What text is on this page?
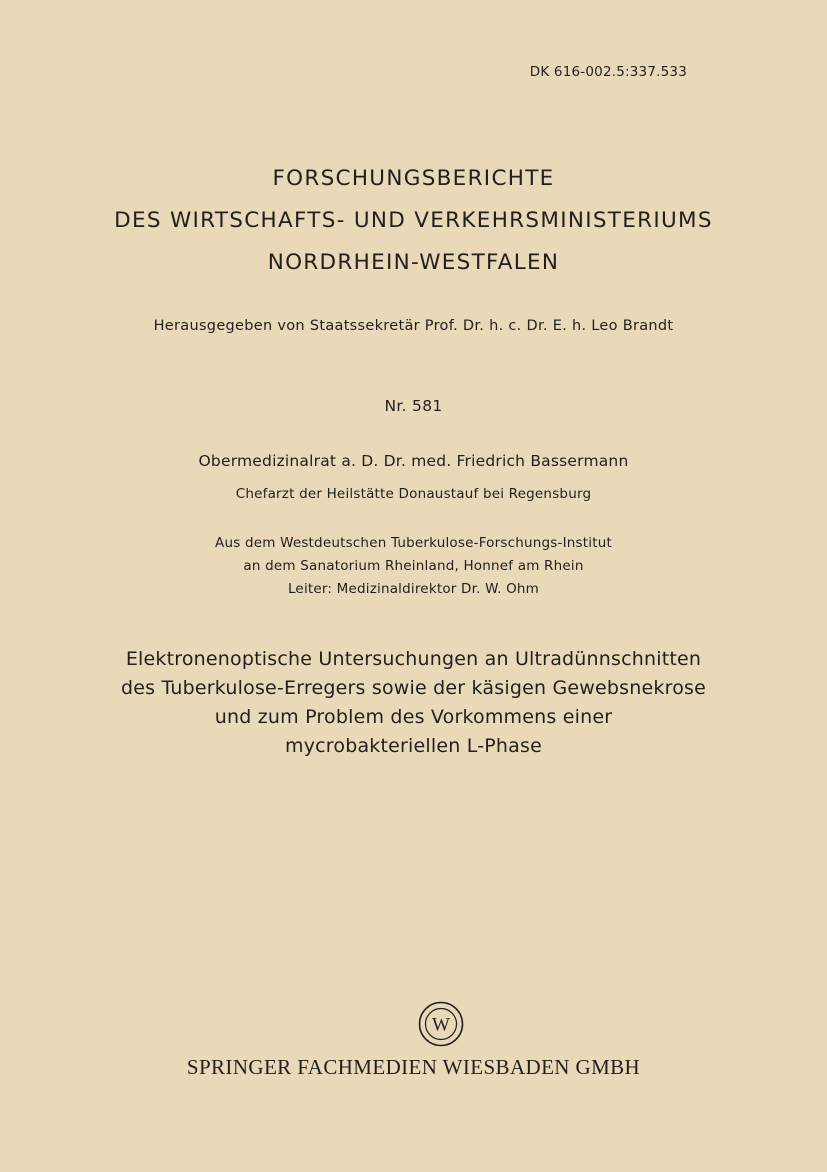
DK 616-002.5:337.533
FORSCHUNGSBERICHTE
DES WIRTSCHAFTS- UND VERKEHRSMINISTERIUMS
NORDRHEIN-WESTFALEN
Herausgegeben von Staatssekretär Prof. Dr. h. c. Dr. E. h. Leo Brandt
Nr. 581
Obermedizinalrat a. D. Dr. med. Friedrich Bassermann
Chefarzt der Heilstätte Donaustauf bei Regensburg
Aus dem Westdeutschen Tuberkulose-Forschungs-Institut
an dem Sanatorium Rheinland, Honnef am Rhein
Leiter: Medizinaldirektor Dr. W. Ohm
Elektronenoptische Untersuchungen an Ultradünnschnitten
des Tuberkulose-Erregers sowie der käsigen Gewebsnekrose
und zum Problem des Vorkommens einer
mycrobakteriellen L-Phase
W
SPRINGER FACHMEDIEN WIESBADEN GMBH
